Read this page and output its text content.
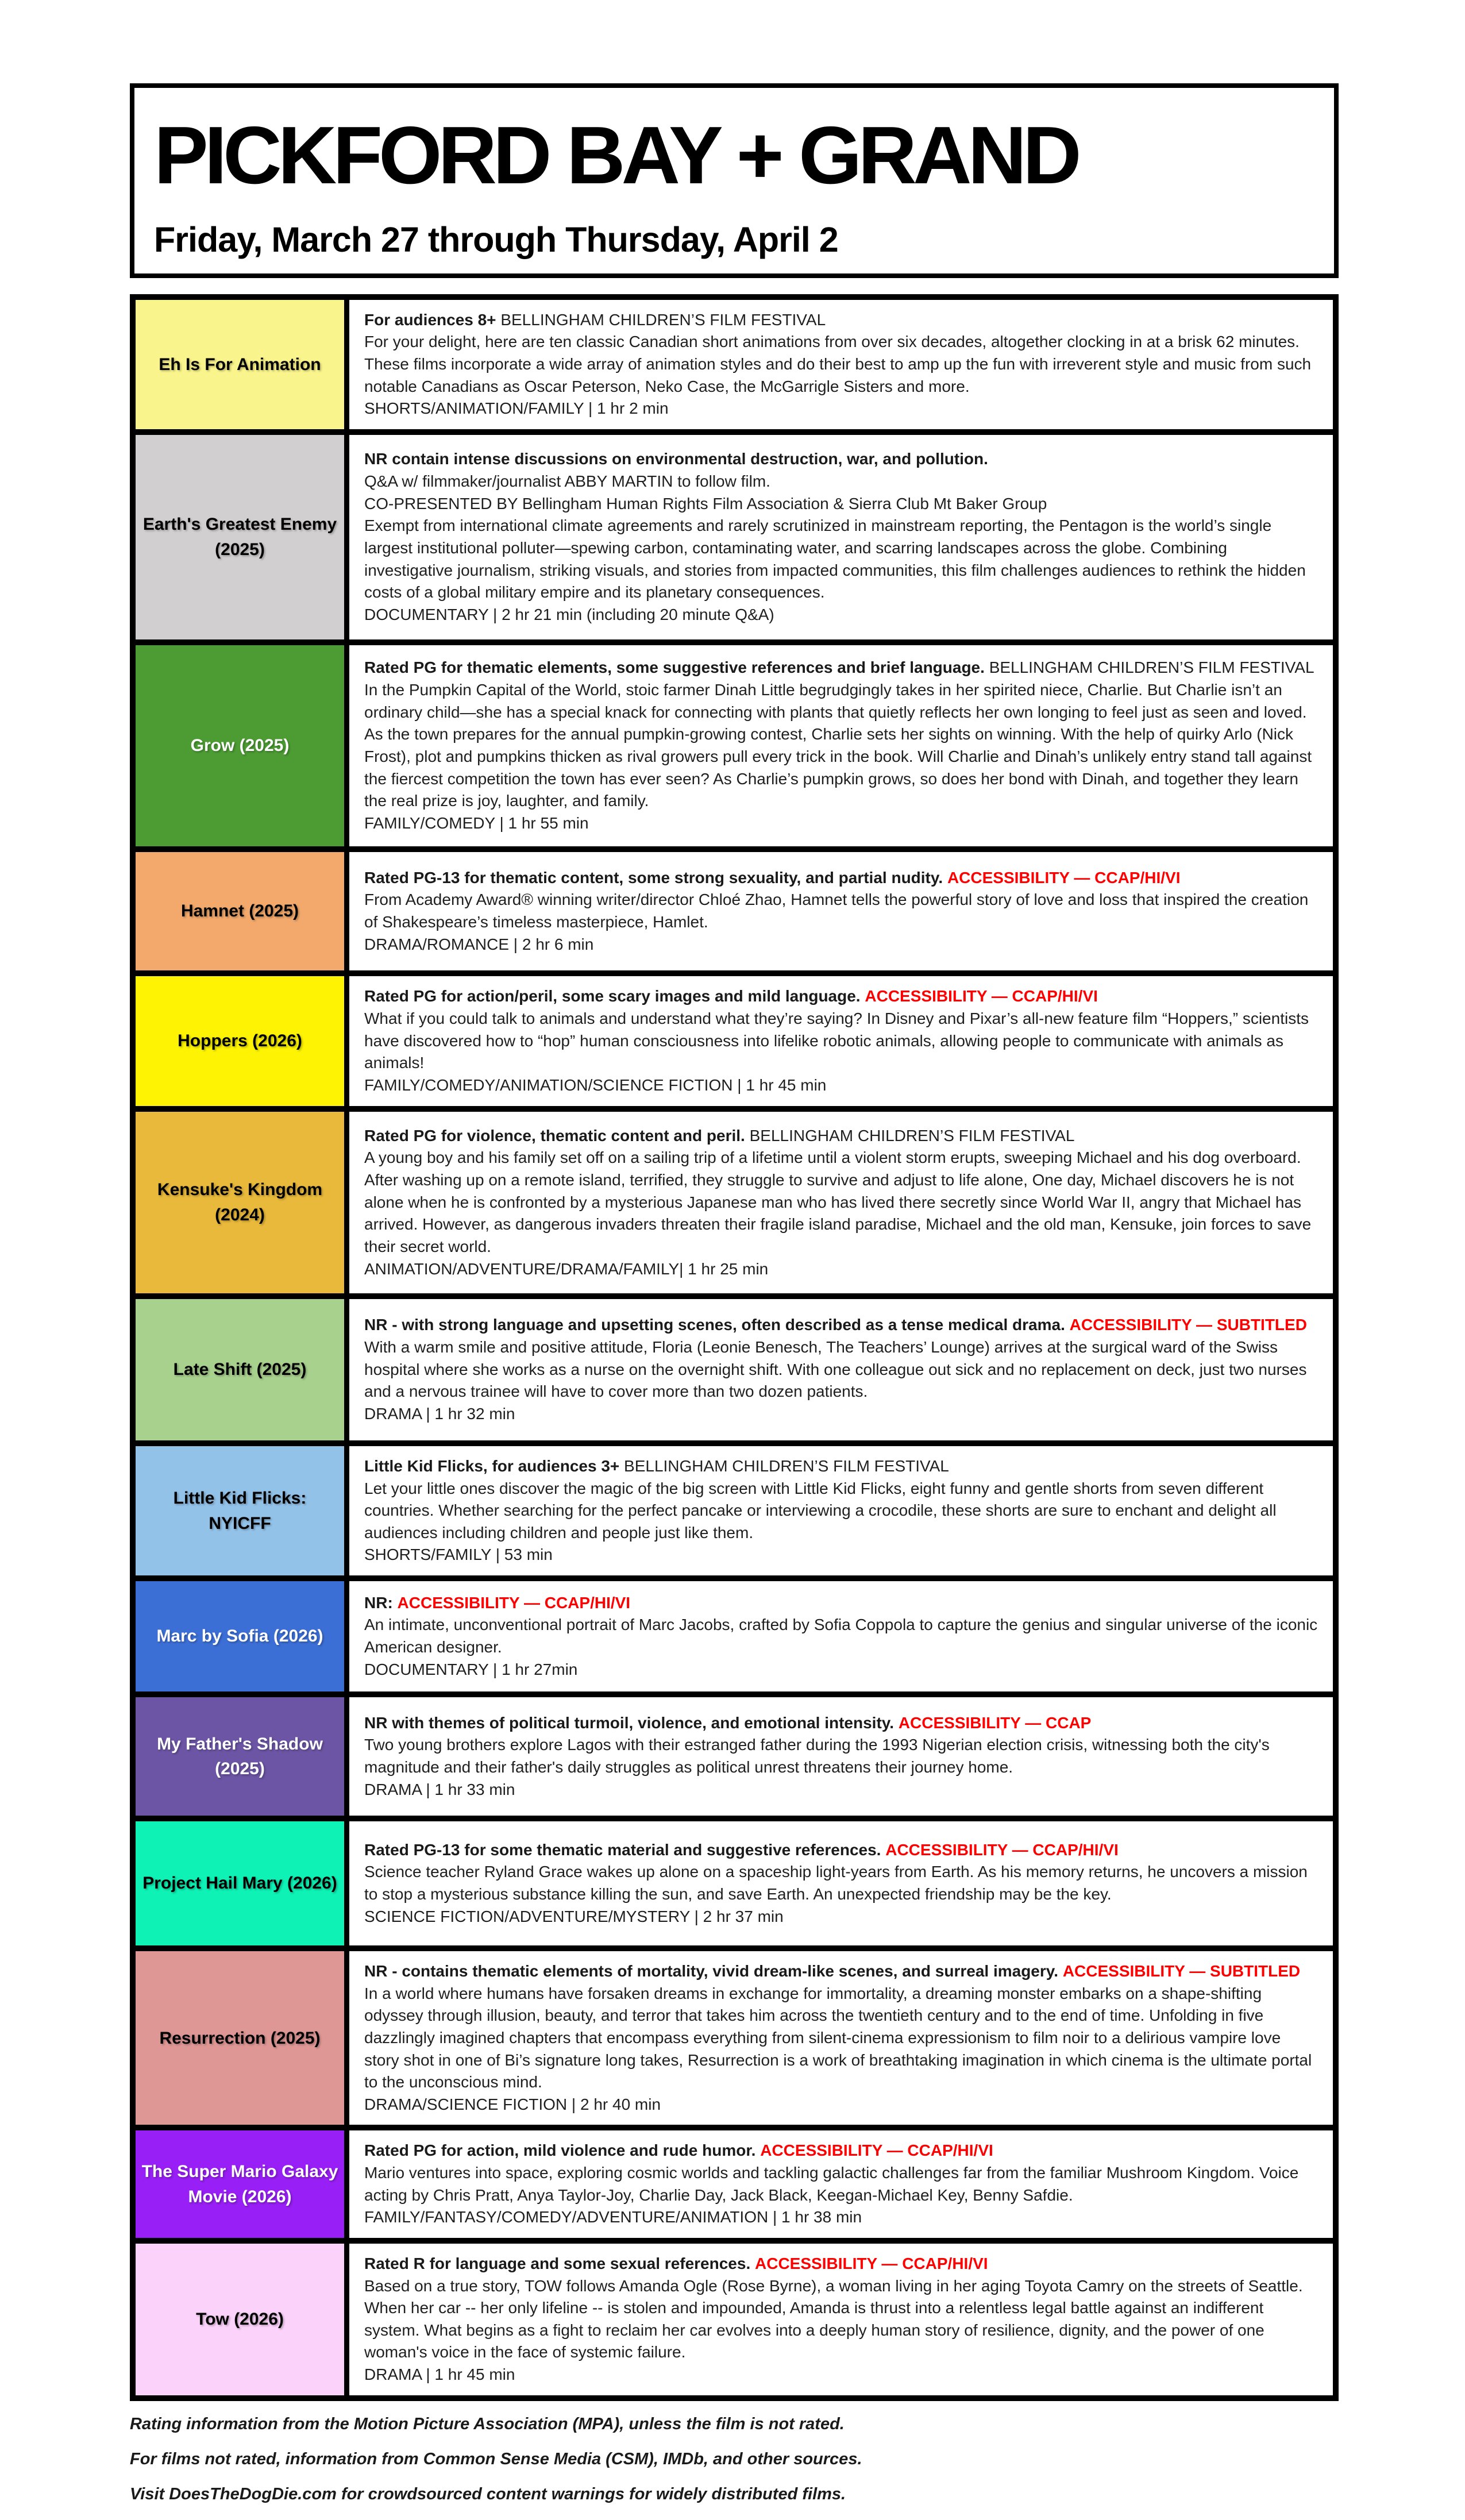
PICKFORD BAY + GRAND
Friday, March 27 through Thursday, April 2
Eh Is For Animation
For audiences 8+ BELLINGHAM CHILDREN’S FILM FESTIVAL
For your delight, here are ten classic Canadian short animations from over six decades, altogether clocking in at a brisk 62 minutes. These films incorporate a wide array of animation styles and do their best to amp up the fun with irreverent style and music from such notable Canadians as Oscar Peterson, Neko Case, the McGarrigle Sisters and more.
SHORTS/ANIMATION/FAMILY | 1 hr 2 min
Earth's Greatest Enemy (2025)
NR contain intense discussions on environmental destruction, war, and pollution.
Q&A w/ filmmaker/journalist ABBY MARTIN to follow film.
CO-PRESENTED BY Bellingham Human Rights Film Association & Sierra Club Mt Baker Group
Exempt from international climate agreements and rarely scrutinized in mainstream reporting, the Pentagon is the world’s single largest institutional polluter—spewing carbon, contaminating water, and scarring landscapes across the globe. Combining investigative journalism, striking visuals, and stories from impacted communities, this film challenges audiences to rethink the hidden costs of a global military empire and its planetary consequences.
DOCUMENTARY | 2 hr 21 min (including 20 minute Q&A)
Grow (2025)
Rated PG for thematic elements, some suggestive references and brief language. BELLINGHAM CHILDREN’S FILM FESTIVAL
In the Pumpkin Capital of the World, stoic farmer Dinah Little begrudgingly takes in her spirited niece, Charlie. But Charlie isn’t an ordinary child—she has a special knack for connecting with plants that quietly reflects her own longing to feel just as seen and loved. As the town prepares for the annual pumpkin-growing contest, Charlie sets her sights on winning. With the help of quirky Arlo (Nick Frost), plot and pumpkins thicken as rival growers pull every trick in the book. Will Charlie and Dinah’s unlikely entry stand tall against the fiercest competition the town has ever seen? As Charlie’s pumpkin grows, so does her bond with Dinah, and together they learn the real prize is joy, laughter, and family.
FAMILY/COMEDY | 1 hr 55 min
Hamnet (2025)
Rated PG-13 for thematic content, some strong sexuality, and partial nudity. ACCESSIBILITY — CCAP/HI/VI
From Academy Award® winning writer/director Chloé Zhao, Hamnet tells the powerful story of love and loss that inspired the creation of Shakespeare’s timeless masterpiece, Hamlet.
DRAMA/ROMANCE | 2 hr 6 min
Hoppers (2026)
Rated PG for action/peril, some scary images and mild language. ACCESSIBILITY — CCAP/HI/VI
What if you could talk to animals and understand what they’re saying? In Disney and Pixar’s all-new feature film “Hoppers,” scientists have discovered how to “hop” human consciousness into lifelike robotic animals, allowing people to communicate with animals as animals!
FAMILY/COMEDY/ANIMATION/SCIENCE FICTION | 1 hr 45 min
Kensuke's Kingdom (2024)
Rated PG for violence, thematic content and peril. BELLINGHAM CHILDREN’S FILM FESTIVAL
A young boy and his family set off on a sailing trip of a lifetime until a violent storm erupts, sweeping Michael and his dog overboard. After washing up on a remote island, terrified, they struggle to survive and adjust to life alone, One day, Michael discovers he is not alone when he is confronted by a mysterious Japanese man who has lived there secretly since World War II, angry that Michael has arrived. However, as dangerous invaders threaten their fragile island paradise, Michael and the old man, Kensuke, join forces to save their secret world.
ANIMATION/ADVENTURE/DRAMA/FAMILY| 1 hr 25 min
Late Shift (2025)
NR - with strong language and upsetting scenes, often described as a tense medical drama. ACCESSIBILITY — SUBTITLED
With a warm smile and positive attitude, Floria (Leonie Benesch, The Teachers’ Lounge) arrives at the surgical ward of the Swiss hospital where she works as a nurse on the overnight shift. With one colleague out sick and no replacement on deck, just two nurses and a nervous trainee will have to cover more than two dozen patients.
DRAMA | 1 hr 32 min
Little Kid Flicks: NYICFF
Little Kid Flicks, for audiences 3+ BELLINGHAM CHILDREN’S FILM FESTIVAL
Let your little ones discover the magic of the big screen with Little Kid Flicks, eight funny and gentle shorts from seven different countries. Whether searching for the perfect pancake or interviewing a crocodile, these shorts are sure to enchant and delight all audiences including children and people just like them.
SHORTS/FAMILY | 53 min
Marc by Sofia (2026)
NR: ACCESSIBILITY — CCAP/HI/VI
An intimate, unconventional portrait of Marc Jacobs, crafted by Sofia Coppola to capture the genius and singular universe of the iconic American designer.
DOCUMENTARY | 1 hr 27min
My Father's Shadow (2025)
NR with themes of political turmoil, violence, and emotional intensity. ACCESSIBILITY — CCAP
Two young brothers explore Lagos with their estranged father during the 1993 Nigerian election crisis, witnessing both the city's magnitude and their father's daily struggles as political unrest threatens their journey home.
DRAMA | 1 hr 33 min
Project Hail Mary (2026)
Rated PG-13 for some thematic material and suggestive references. ACCESSIBILITY — CCAP/HI/VI
Science teacher Ryland Grace wakes up alone on a spaceship light-years from Earth. As his memory returns, he uncovers a mission to stop a mysterious substance killing the sun, and save Earth. An unexpected friendship may be the key.
SCIENCE FICTION/ADVENTURE/MYSTERY | 2 hr 37 min
Resurrection (2025)
NR - contains thematic elements of mortality, vivid dream-like scenes, and surreal imagery. ACCESSIBILITY — SUBTITLED
In a world where humans have forsaken dreams in exchange for immortality, a dreaming monster embarks on a shape-shifting odyssey through illusion, beauty, and terror that takes him across the twentieth century and to the end of time. Unfolding in five dazzlingly imagined chapters that encompass everything from silent-cinema expressionism to film noir to a delirious vampire love story shot in one of Bi’s signature long takes, Resurrection is a work of breathtaking imagination in which cinema is the ultimate portal to the unconscious mind.
DRAMA/SCIENCE FICTION | 2 hr 40 min
The Super Mario Galaxy Movie (2026)
Rated PG for action, mild violence and rude humor. ACCESSIBILITY — CCAP/HI/VI
Mario ventures into space, exploring cosmic worlds and tackling galactic challenges far from the familiar Mushroom Kingdom. Voice acting by Chris Pratt, Anya Taylor-Joy, Charlie Day, Jack Black, Keegan-Michael Key, Benny Safdie.
FAMILY/FANTASY/COMEDY/ADVENTURE/ANIMATION | 1 hr 38 min
Tow (2026)
Rated R for language and some sexual references. ACCESSIBILITY — CCAP/HI/VI
Based on a true story, TOW follows Amanda Ogle (Rose Byrne), a woman living in her aging Toyota Camry on the streets of Seattle. When her car -- her only lifeline -- is stolen and impounded, Amanda is thrust into a relentless legal battle against an indifferent system. What begins as a fight to reclaim her car evolves into a deeply human story of resilience, dignity, and the power of one woman's voice in the face of systemic failure.
DRAMA | 1 hr 45 min
Rating information from the Motion Picture Association (MPA), unless the film is not rated.
For films not rated, information from Common Sense Media (CSM), IMDb, and other sources.
Visit DoesTheDogDie.com for crowdsourced content warnings for widely distributed films.
